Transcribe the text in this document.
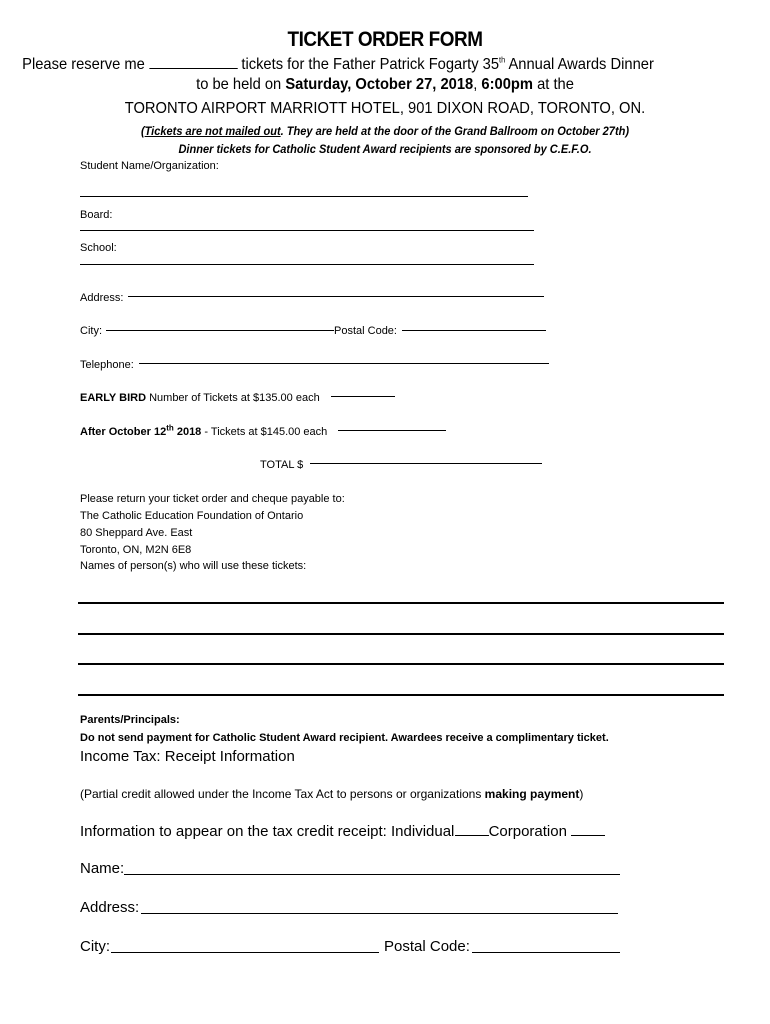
TICKET ORDER FORM
Please reserve me	tickets for the Father Patrick Fogarty 35th Annual Awards Dinner
to be held on Saturday, October 27, 2018, 6:00pm at the
TORONTO AIRPORT MARRIOTT HOTEL, 901 DIXON ROAD, TORONTO, ON.
(Tickets are not mailed out. They are held at the door of the Grand Ballroom on October 27th)
Dinner tickets for Catholic Student Award recipients are sponsored by C.E.F.O.
Student Name/Organization:
Board:
School:
Address:
City:	Postal Code:
Telephone:
EARLY BIRD Number of Tickets at $135.00 each
After October 12th 2018 - Tickets at $145.00 each
TOTAL $
Please return your ticket order and cheque payable to:
The Catholic Education Foundation of Ontario
80 Sheppard Ave. East
Toronto, ON, M2N 6E8
Names of person(s) who will use these tickets:
Parents/Principals:
Do not send payment for Catholic Student Award recipient. Awardees receive a complimentary ticket.
Income Tax: Receipt Information
(Partial credit allowed under the Income Tax Act to persons or organizations making payment)
Information to appear on the tax credit receipt: Individual Corporation
Name:
Address:
City:	Postal Code:
